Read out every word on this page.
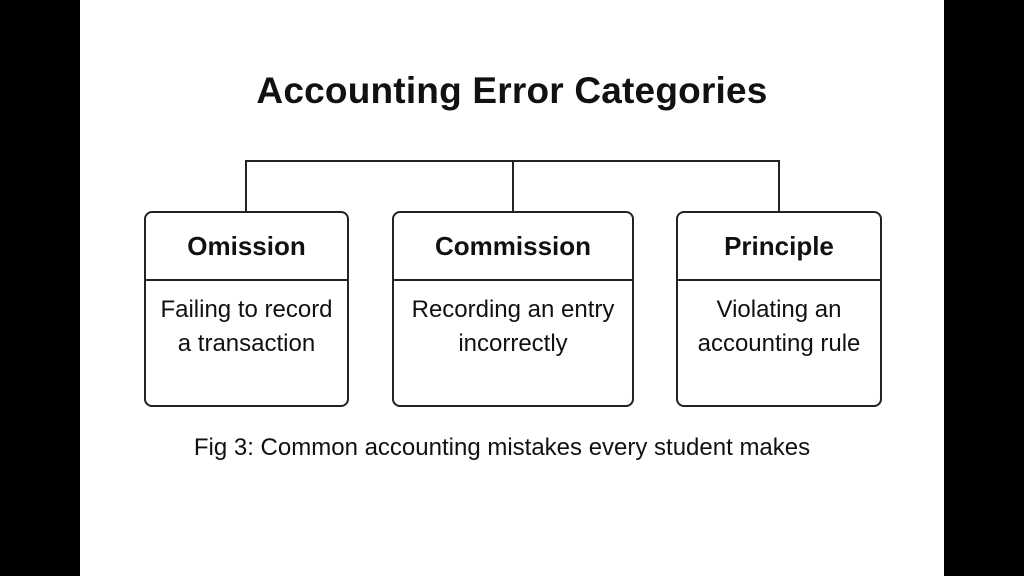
Accounting Error Categories
Omission
Failing to record a transaction
Commission
Recording an entry incorrectly
Principle
Violating an accounting rule
Fig 3: Common accounting mistakes every student makes
